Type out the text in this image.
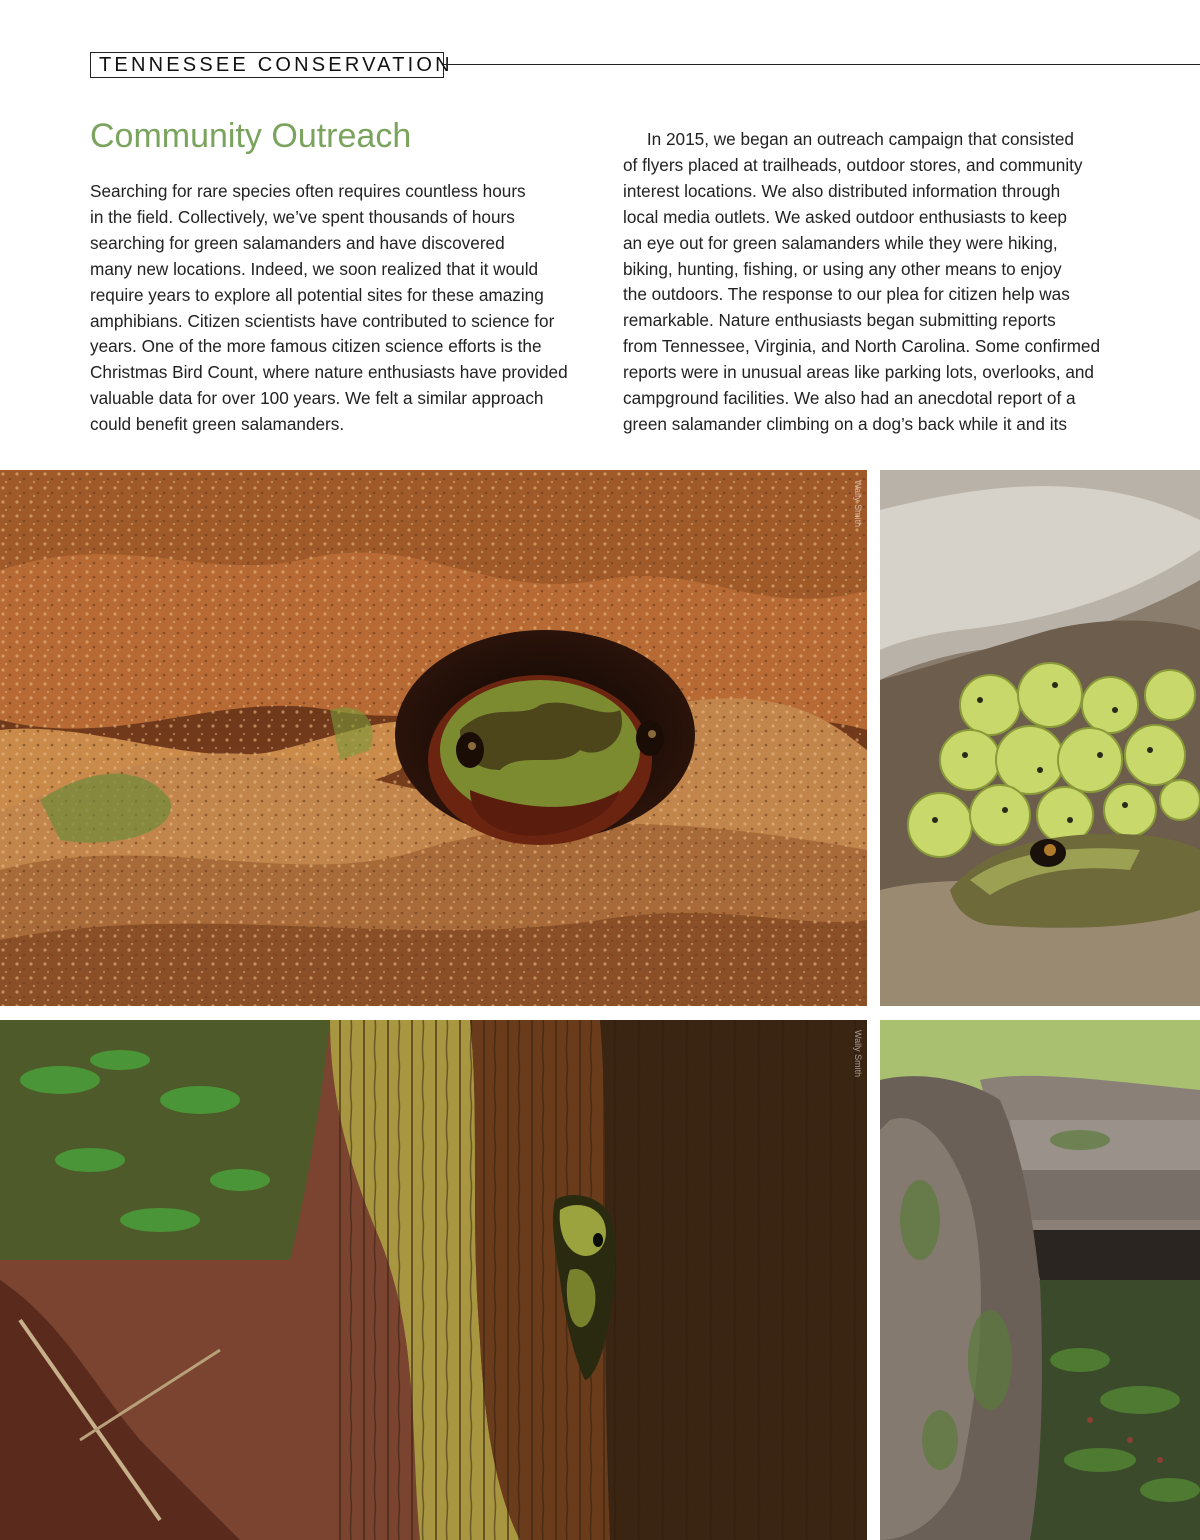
TENNESSEE CONSERVATION
Community Outreach
Searching for rare species often requires countless hours
in the field. Collectively, we’ve spent thousands of hours
searching for green salamanders and have discovered
many new locations. Indeed, we soon realized that it would
require years to explore all potential sites for these amazing
amphibians. Citizen scientists have contributed to science for
years. One of the more famous citizen science efforts is the
Christmas Bird Count, where nature enthusiasts have provided
valuable data for over 100 years. We felt a similar approach
could benefit green salamanders.
In 2015, we began an outreach campaign that consisted
of flyers placed at trailheads, outdoor stores, and community
interest locations. We also distributed information through
local media outlets. We asked outdoor enthusiasts to keep
an eye out for green salamanders while they were hiking,
biking, hunting, fishing, or using any other means to enjoy
the outdoors. The response to our plea for citizen help was
remarkable. Nature enthusiasts began submitting reports
from Tennessee, Virginia, and North Carolina. Some confirmed
reports were in unusual areas like parking lots, overlooks, and
campground facilities. We also had an anecdotal report of a
green salamander climbing on a dog’s back while it and its
Wally Smith
Wally Smith
